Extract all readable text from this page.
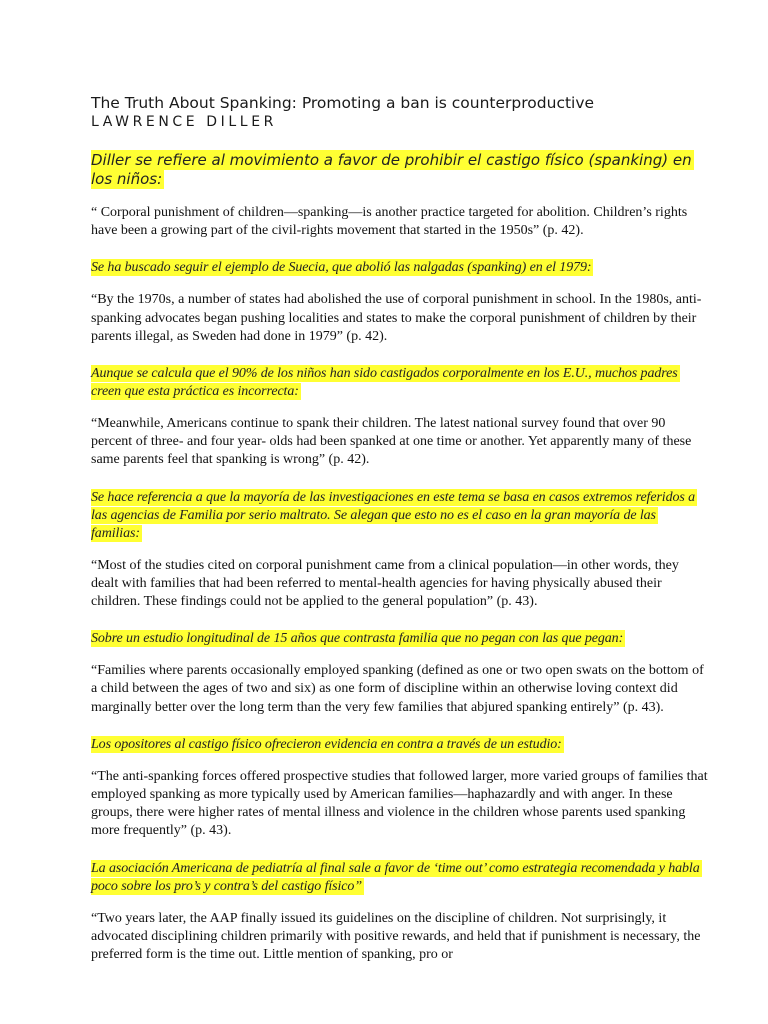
The Truth About Spanking: Promoting a ban is counterproductive

LAWRENCE DILLER

Diller se refiere al movimiento a favor de prohibir el castigo físico (spanking) en los niños:

“ Corporal punishment of children—spanking—is another practice targeted for abolition. Children’s rights have been a growing part of the civil-rights movement that started in the 1950s” (p. 42).

Se ha buscado seguir el ejemplo de Suecia, que abolió las nalgadas (spanking) en el 1979:

“By the 1970s, a number of states had abolished the use of corporal punishment in school. In the 1980s, anti-spanking advocates began pushing localities and states to make the corporal punishment of children by their parents illegal, as Sweden had done in 1979” (p. 42).

Aunque se calcula que el 90% de los niños han sido castigados corporalmente en los E.U., muchos padres creen que esta práctica es incorrecta:

“Meanwhile, Americans continue to spank their children. The latest national survey found that over 90 percent of three- and four year- olds had been spanked at one time or another. Yet apparently many of these same parents feel that spanking is wrong” (p. 42).

Se hace referencia a que la mayoría de las investigaciones en este tema se basa en casos extremos referidos a las agencias de Familia por serio maltrato. Se alegan que esto no es el caso en la gran mayoría de las familias:

“Most of the studies cited on corporal punishment came from a clinical population—in other words, they dealt with families that had been referred to mental-health agencies for having physically abused their children. These findings could not be applied to the general population” (p. 43).

Sobre un estudio longitudinal de 15 años que contrasta familia que no pegan con las que pegan:

“Families where parents occasionally employed spanking (defined as one or two open swats on the bottom of a child between the ages of two and six) as one form of discipline within an otherwise loving context did marginally better over the long term than the very few families that abjured spanking entirely” (p. 43).

Los opositores al castigo físico ofrecieron evidencia en contra a través de un estudio:

“The anti-spanking forces offered prospective studies that followed larger, more varied groups of families that employed spanking as more typically used by American families—haphazardly and with anger. In these groups, there were higher rates of mental illness and violence in the children whose parents used spanking more frequently” (p. 43).

La asociación Americana de pediatría al final sale a favor de ‘time out’ como estrategia recomendada y habla poco sobre los pro’s y contra’s del castigo físico”

“Two years later, the AAP finally issued its guidelines on the discipline of children. Not surprisingly, it advocated disciplining children primarily with positive rewards, and held that if punishment is necessary, the preferred form is the time out. Little mention of spanking, pro or
